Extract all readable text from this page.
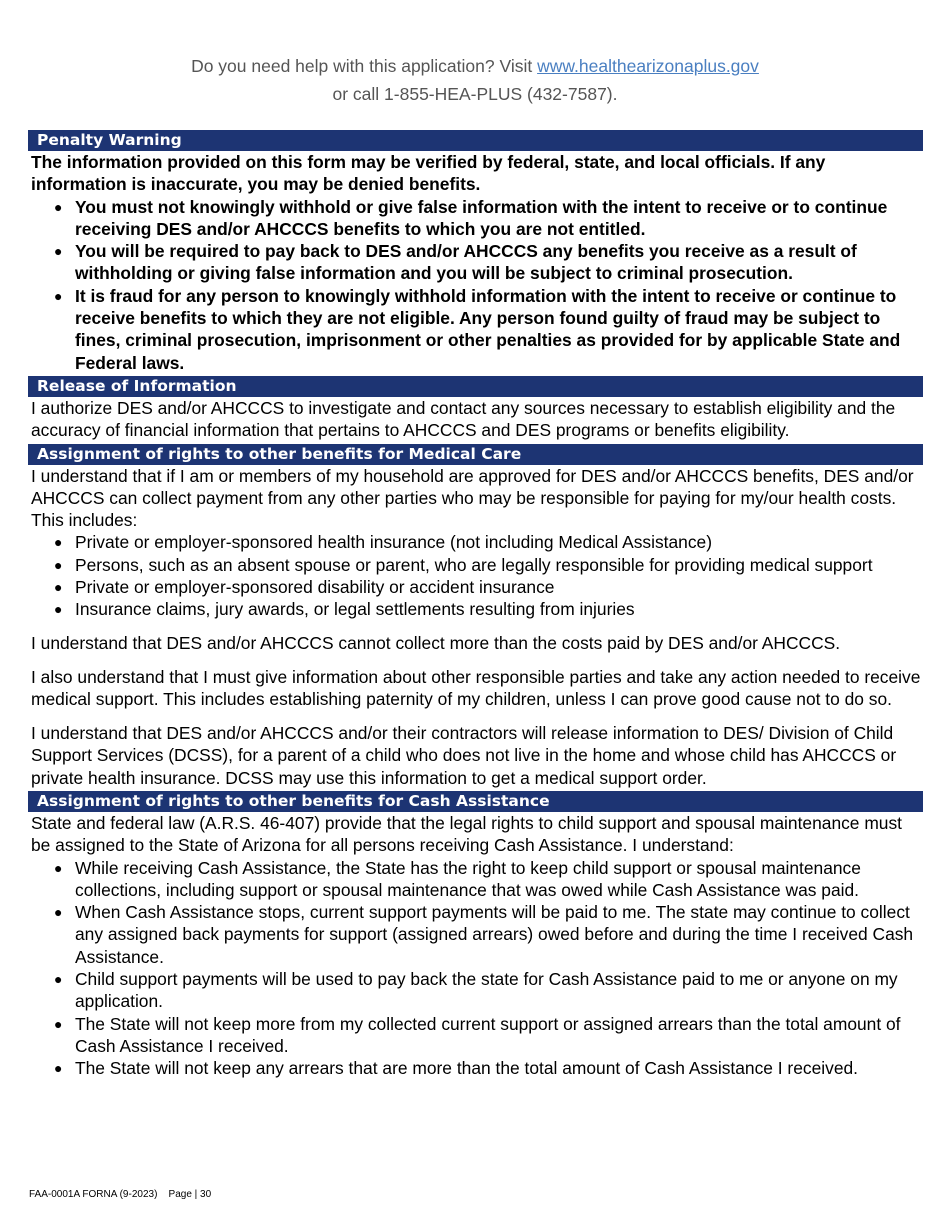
Do you need help with this application? Visit www.healthearizonaplus.gov
or call 1-855-HEA-PLUS (432-7587).
Penalty Warning

The information provided on this form may be verified by federal, state, and local officials. If any information is inaccurate, you may be denied benefits.

● You must not knowingly withhold or give false information with the intent to receive or to continue receiving DES and/or AHCCCS benefits to which you are not entitled.
● You will be required to pay back to DES and/or AHCCCS any benefits you receive as a result of withholding or giving false information and you will be subject to criminal prosecution.
● It is fraud for any person to knowingly withhold information with the intent to receive or continue to receive benefits to which they are not eligible. Any person found guilty of fraud may be subject to fines, criminal prosecution, imprisonment or other penalties as provided for by applicable State and Federal laws.
Release of Information

I authorize DES and/or AHCCCS to investigate and contact any sources necessary to establish eligibility and the accuracy of financial information that pertains to AHCCCS and DES programs or benefits eligibility.

Assignment of rights to other benefits for Medical Care

I understand that if I am or members of my household are approved for DES and/or AHCCCS benefits, DES and/or AHCCCS can collect payment from any other parties who may be responsible for paying for my/our health costs. This includes:

● Private or employer-sponsored health insurance (not including Medical Assistance)
● Persons, such as an absent spouse or parent, who are legally responsible for providing medical support
● Private or employer-sponsored disability or accident insurance
● Insurance claims, jury awards, or legal settlements resulting from injuries

I understand that DES and/or AHCCCS cannot collect more than the costs paid by DES and/or AHCCCS.

I also understand that I must give information about other responsible parties and take any action needed to receive medical support. This includes establishing paternity of my children, unless I can prove good cause not to do so.

I understand that DES and/or AHCCCS and/or their contractors will release information to DES/ Division of Child Support Services (DCSS), for a parent of a child who does not live in the home and whose child has AHCCCS or private health insurance. DCSS may use this information to get a medical support order.

Assignment of rights to other benefits for Cash Assistance

State and federal law (A.R.S. 46-407) provide that the legal rights to child support and spousal maintenance must be assigned to the State of Arizona for all persons receiving Cash Assistance. I understand:

● While receiving Cash Assistance, the State has the right to keep child support or spousal maintenance collections, including support or spousal maintenance that was owed while Cash Assistance was paid.
● When Cash Assistance stops, current support payments will be paid to me. The state may continue to collect any assigned back payments for support (assigned arrears) owed before and during the time I received Cash Assistance.
● Child support payments will be used to pay back the state for Cash Assistance paid to me or anyone on my application.
● The State will not keep more from my collected current support or assigned arrears than the total amount of Cash Assistance I received.
● The State will not keep any arrears that are more than the total amount of Cash Assistance I received.
FAA-0001A FORNA (9-2023) Page | 30
